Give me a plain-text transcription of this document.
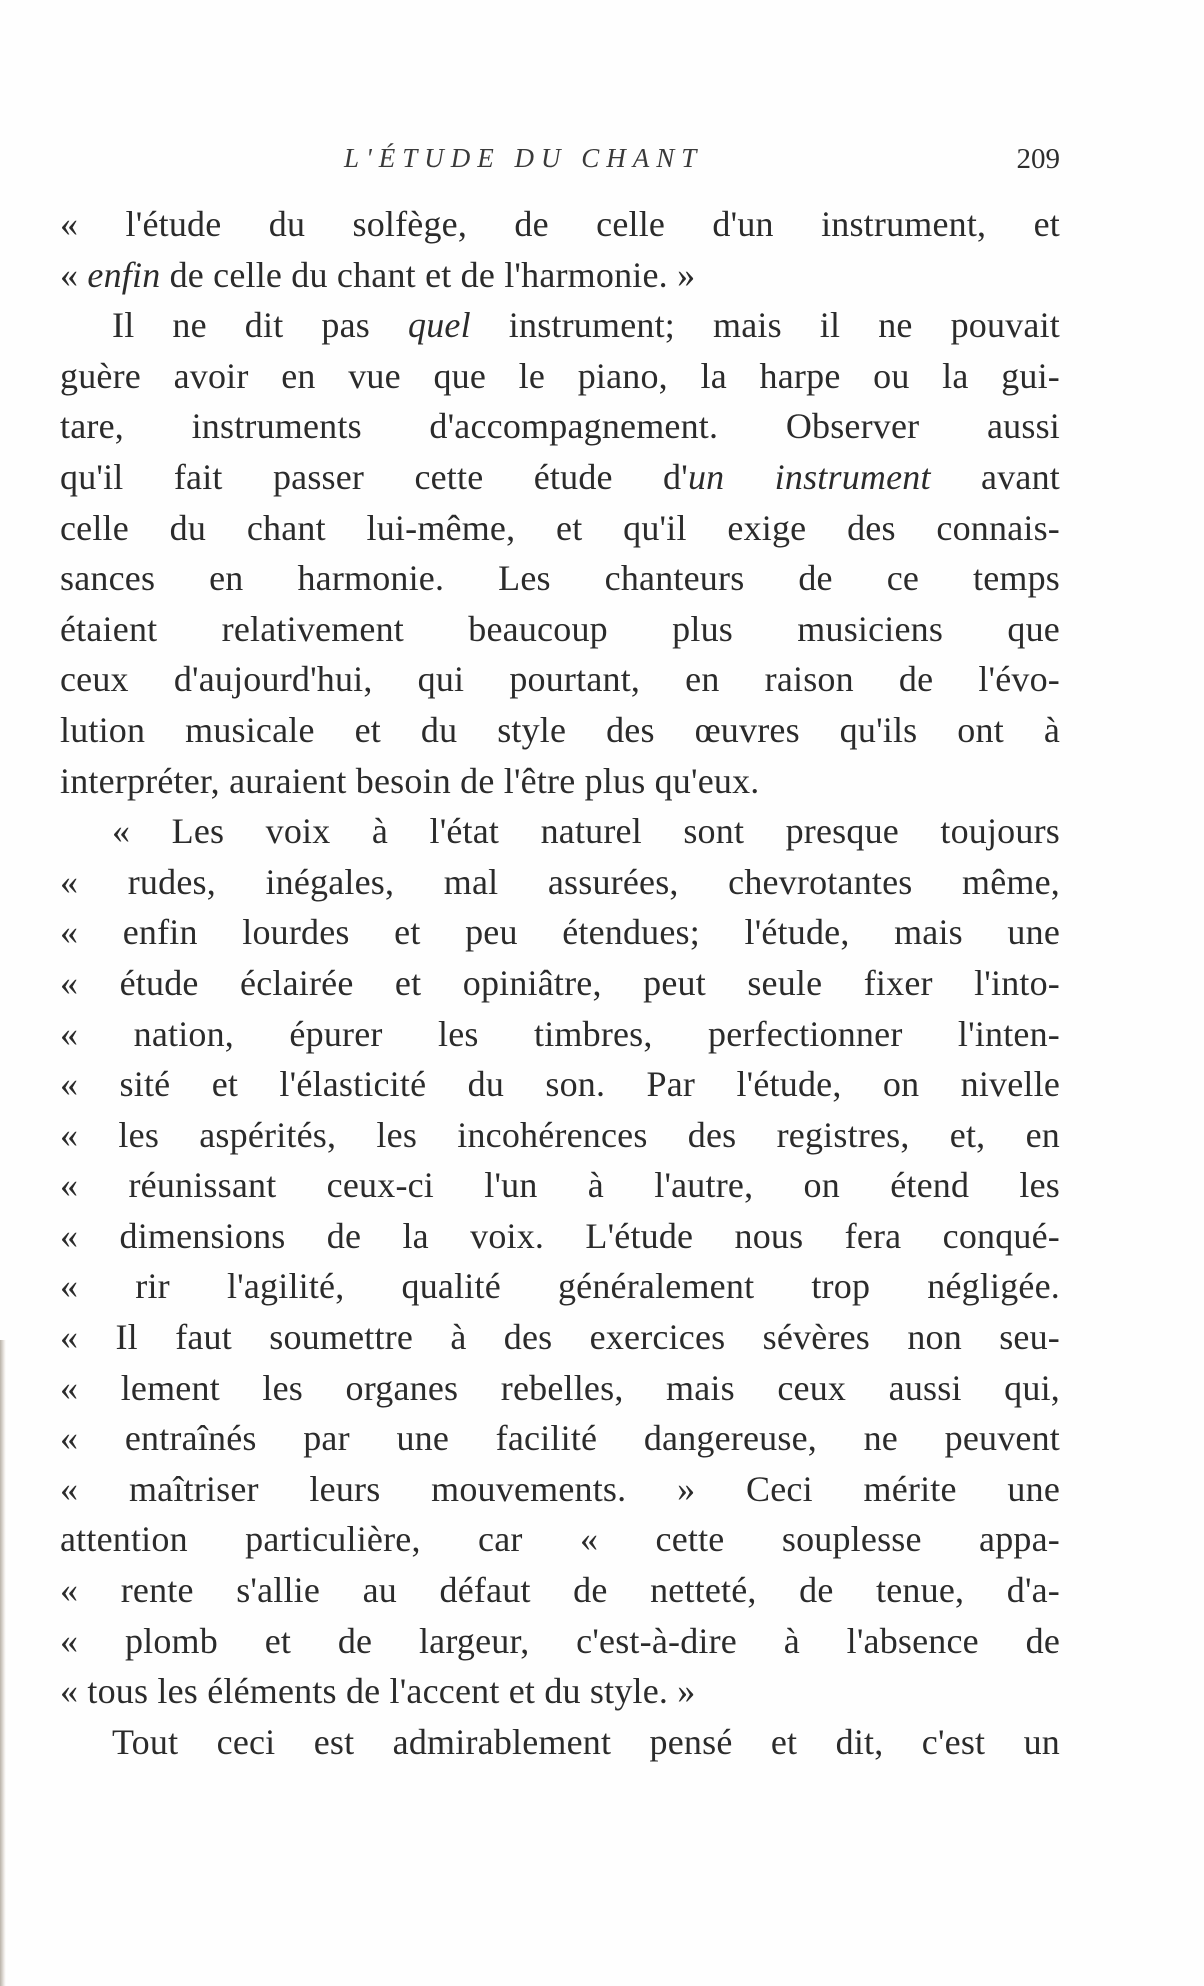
L'ÉTUDE DU CHANT	209
« l'étude du solfège, de celle d'un instrument, et
« enfin de celle du chant et de l'harmonie. »
Il ne dit pas quel instrument; mais il ne pouvait
guère avoir en vue que le piano, la harpe ou la gui-
tare, instruments d'accompagnement. Observer aussi
qu'il fait passer cette étude d'un instrument avant
celle du chant lui-même, et qu'il exige des connais-
sances en harmonie. Les chanteurs de ce temps
étaient relativement beaucoup plus musiciens que
ceux d'aujourd'hui, qui pourtant, en raison de l'évo-
lution musicale et du style des œuvres qu'ils ont à
interpréter, auraient besoin de l'être plus qu'eux.
« Les voix à l'état naturel sont presque toujours
« rudes, inégales, mal assurées, chevrotantes même,
« enfin lourdes et peu étendues; l'étude, mais une
« étude éclairée et opiniâtre, peut seule fixer l'into-
« nation, épurer les timbres, perfectionner l'inten-
« sité et l'élasticité du son. Par l'étude, on nivelle
« les aspérités, les incohérences des registres, et, en
« réunissant ceux-ci l'un à l'autre, on étend les
« dimensions de la voix. L'étude nous fera conqué-
« rir l'agilité, qualité généralement trop négligée.
« Il faut soumettre à des exercices sévères non seu-
« lement les organes rebelles, mais ceux aussi qui,
« entraînés par une facilité dangereuse, ne peuvent
« maîtriser leurs mouvements. » Ceci mérite une
attention particulière, car « cette souplesse appa-
« rente s'allie au défaut de netteté, de tenue, d'a-
« plomb et de largeur, c'est-à-dire à l'absence de
« tous les éléments de l'accent et du style. »
Tout ceci est admirablement pensé et dit, c'est un
